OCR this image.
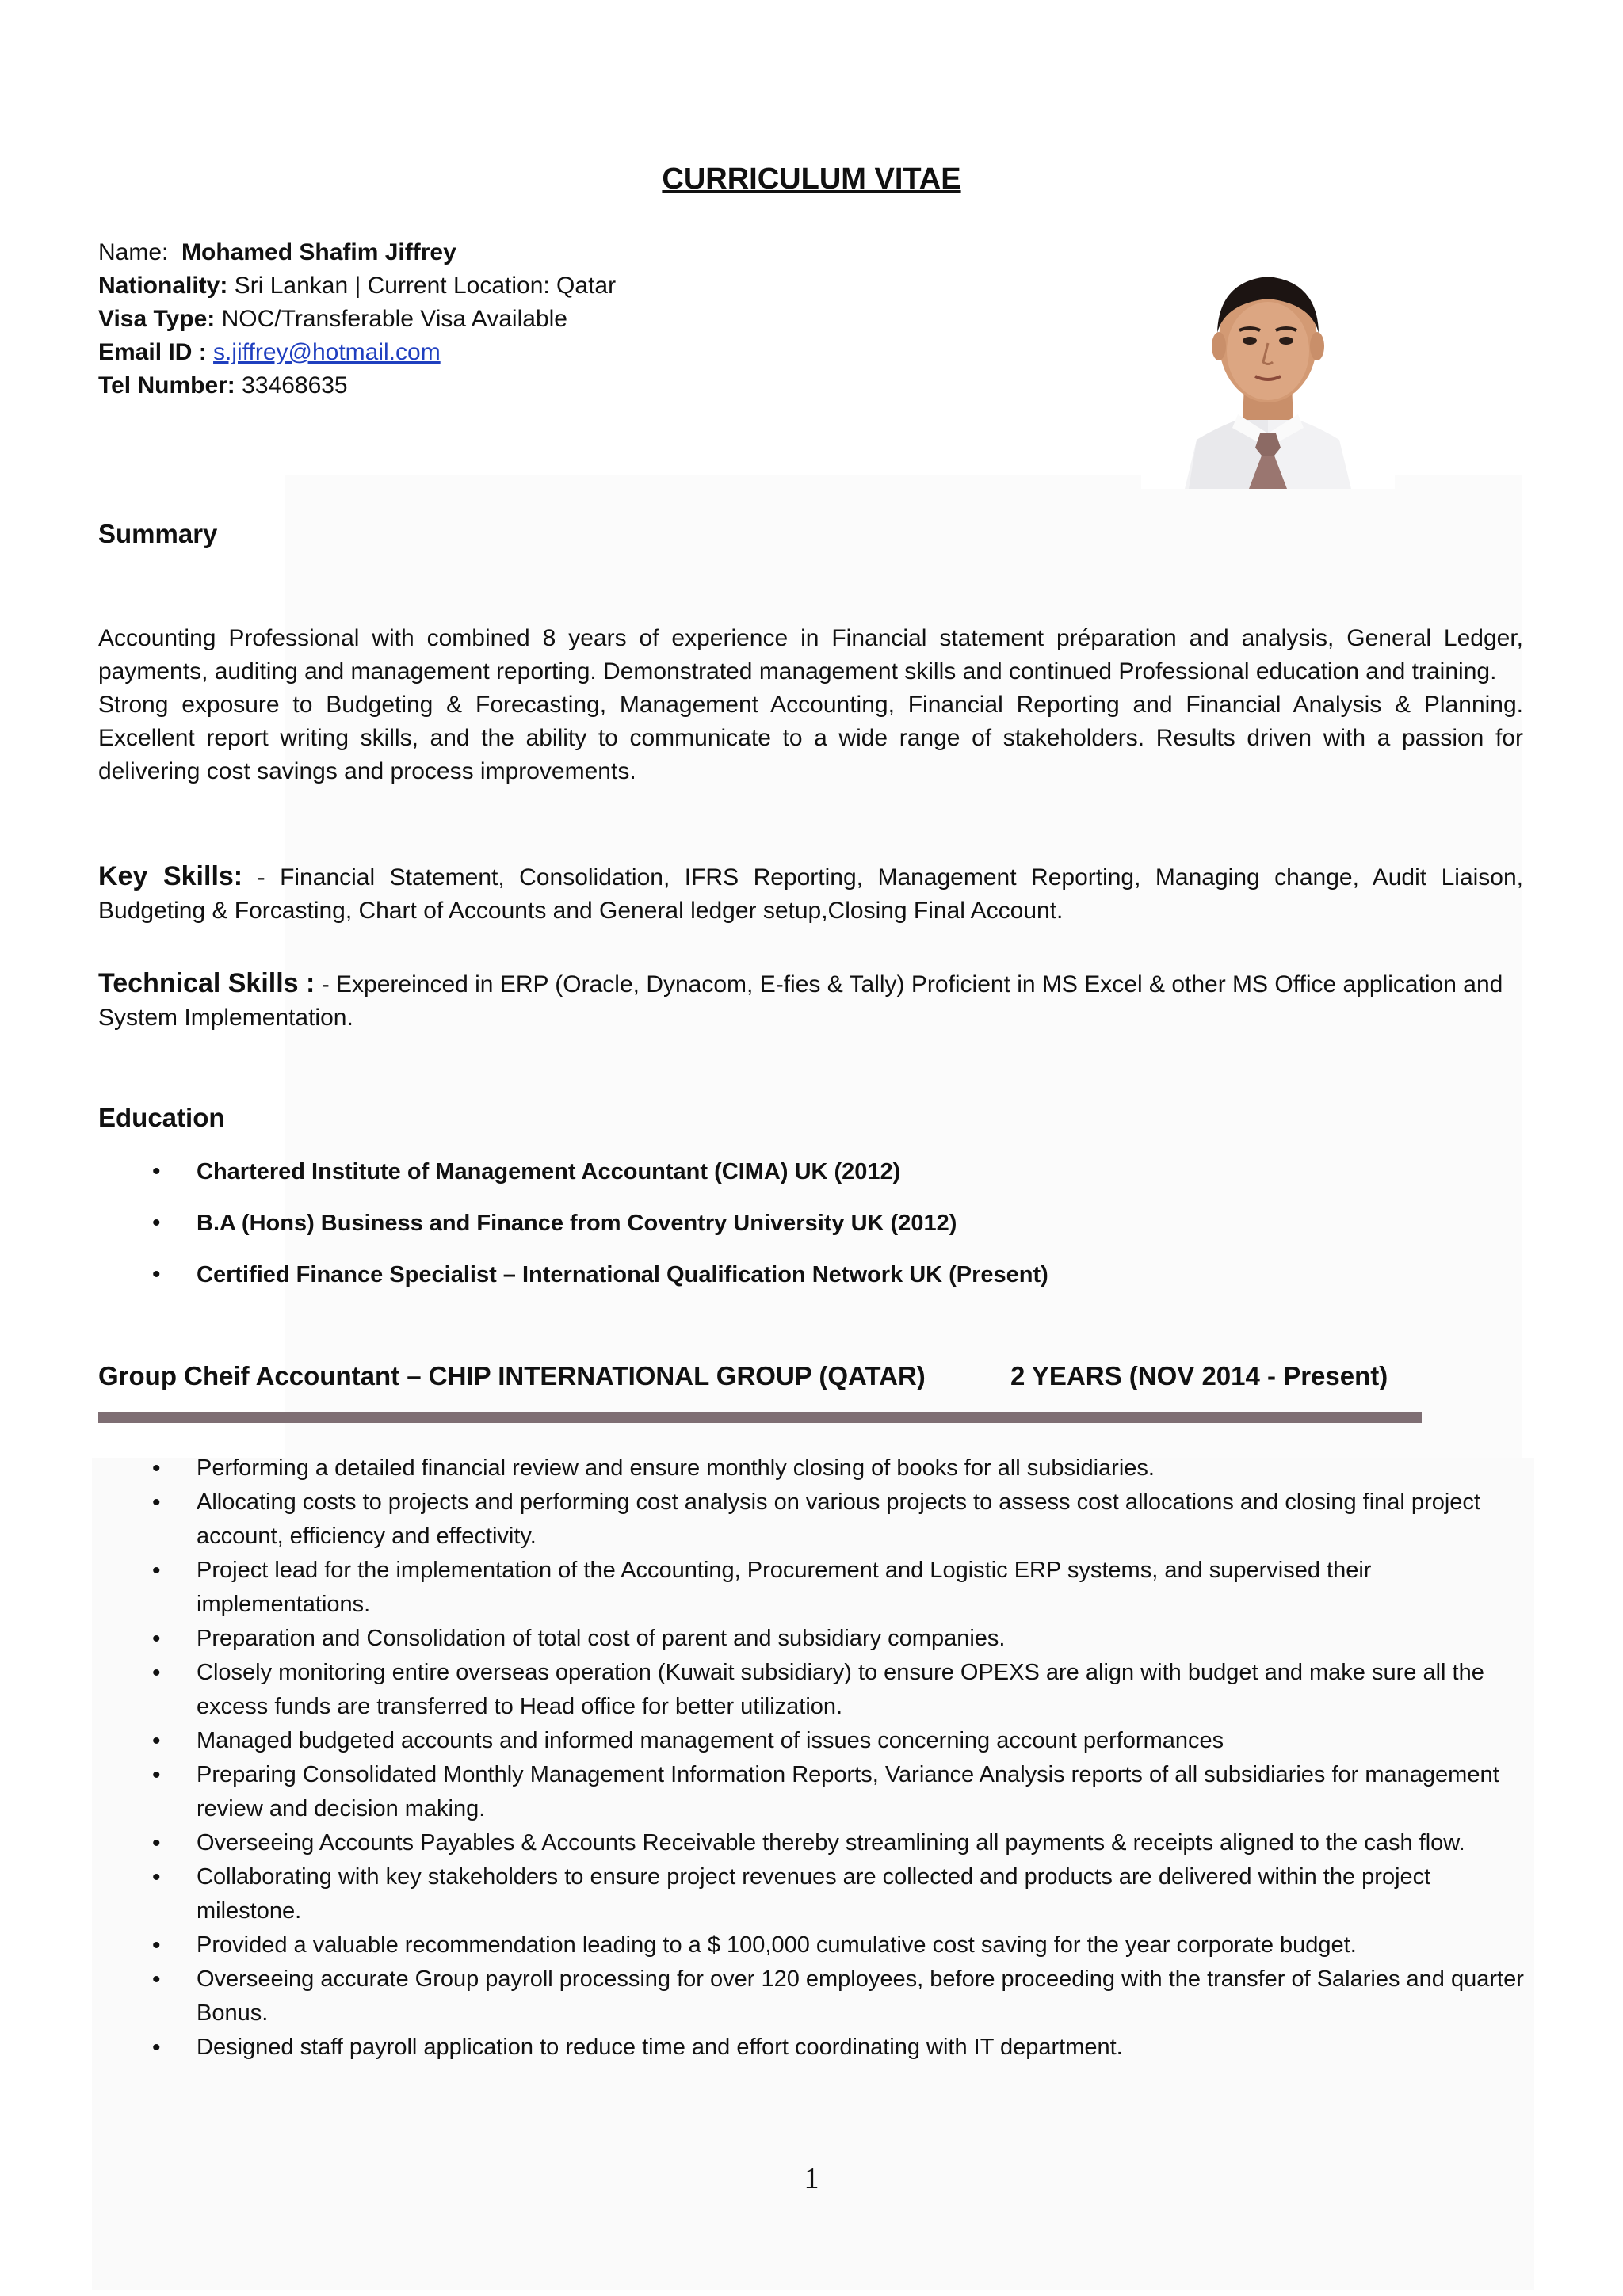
CURRICULUM VITAE
Name: Mohamed Shafim Jiffrey
Nationality: Sri Lankan | Current Location: Qatar
Visa Type: NOC/Transferable Visa Available
Email ID : s.jiffrey@hotmail.com
Tel Number: 33468635
Summary

Accounting Professional with combined 8 years of experience in Financial statement préparation and analysis, General Ledger, payments, auditing and management reporting. Demonstrated management skills and continued Professional education and training.

Strong exposure to Budgeting & Forecasting, Management Accounting, Financial Reporting and Financial Analysis & Planning. Excellent report writing skills, and the ability to communicate to a wide range of stakeholders. Results driven with a passion for delivering cost savings and process improvements.

Key Skills: - Financial Statement, Consolidation, IFRS Reporting, Management Reporting, Managing change, Audit Liaison, Budgeting & Forcasting, Chart of Accounts and General ledger setup,Closing Final Account.
Technical Skills : - Expereinced in ERP (Oracle, Dynacom, E-fies & Tally) Proficient in MS Excel & other MS Office application and System Implementation.
Education
• Chartered Institute of Management Accountant (CIMA) UK (2012)
• B.A (Hons) Business and Finance from Coventry University UK (2012)
• Certified Finance Specialist – International Qualification Network UK (Present)
Group Cheif Accountant – CHIP INTERNATIONAL GROUP (QATAR)	2 YEARS (NOV 2014 - Present)
• Performing a detailed financial review and ensure monthly closing of books for all subsidiaries.
• Allocating costs to projects and performing cost analysis on various projects to assess cost allocations and closing final project account, efficiency and effectivity.
• Project lead for the implementation of the Accounting, Procurement and Logistic ERP systems, and supervised their implementations.
• Preparation and Consolidation of total cost of parent and subsidiary companies.
• Closely monitoring entire overseas operation (Kuwait subsidiary) to ensure OPEXS are align with budget and make sure all the excess funds are transferred to Head office for better utilization.
• Managed budgeted accounts and informed management of issues concerning account performances
• Preparing Consolidated Monthly Management Information Reports, Variance Analysis reports of all subsidiaries for management review and decision making.
• Overseeing Accounts Payables & Accounts Receivable thereby streamlining all payments & receipts aligned to the cash flow.
• Collaborating with key stakeholders to ensure project revenues are collected and products are delivered within the project milestone.
• Provided a valuable recommendation leading to a $ 100,000 cumulative cost saving for the year corporate budget.
• Overseeing accurate Group payroll processing for over 120 employees, before proceeding with the transfer of Salaries and quarter Bonus.
• Designed staff payroll application to reduce time and effort coordinating with IT department.
1
